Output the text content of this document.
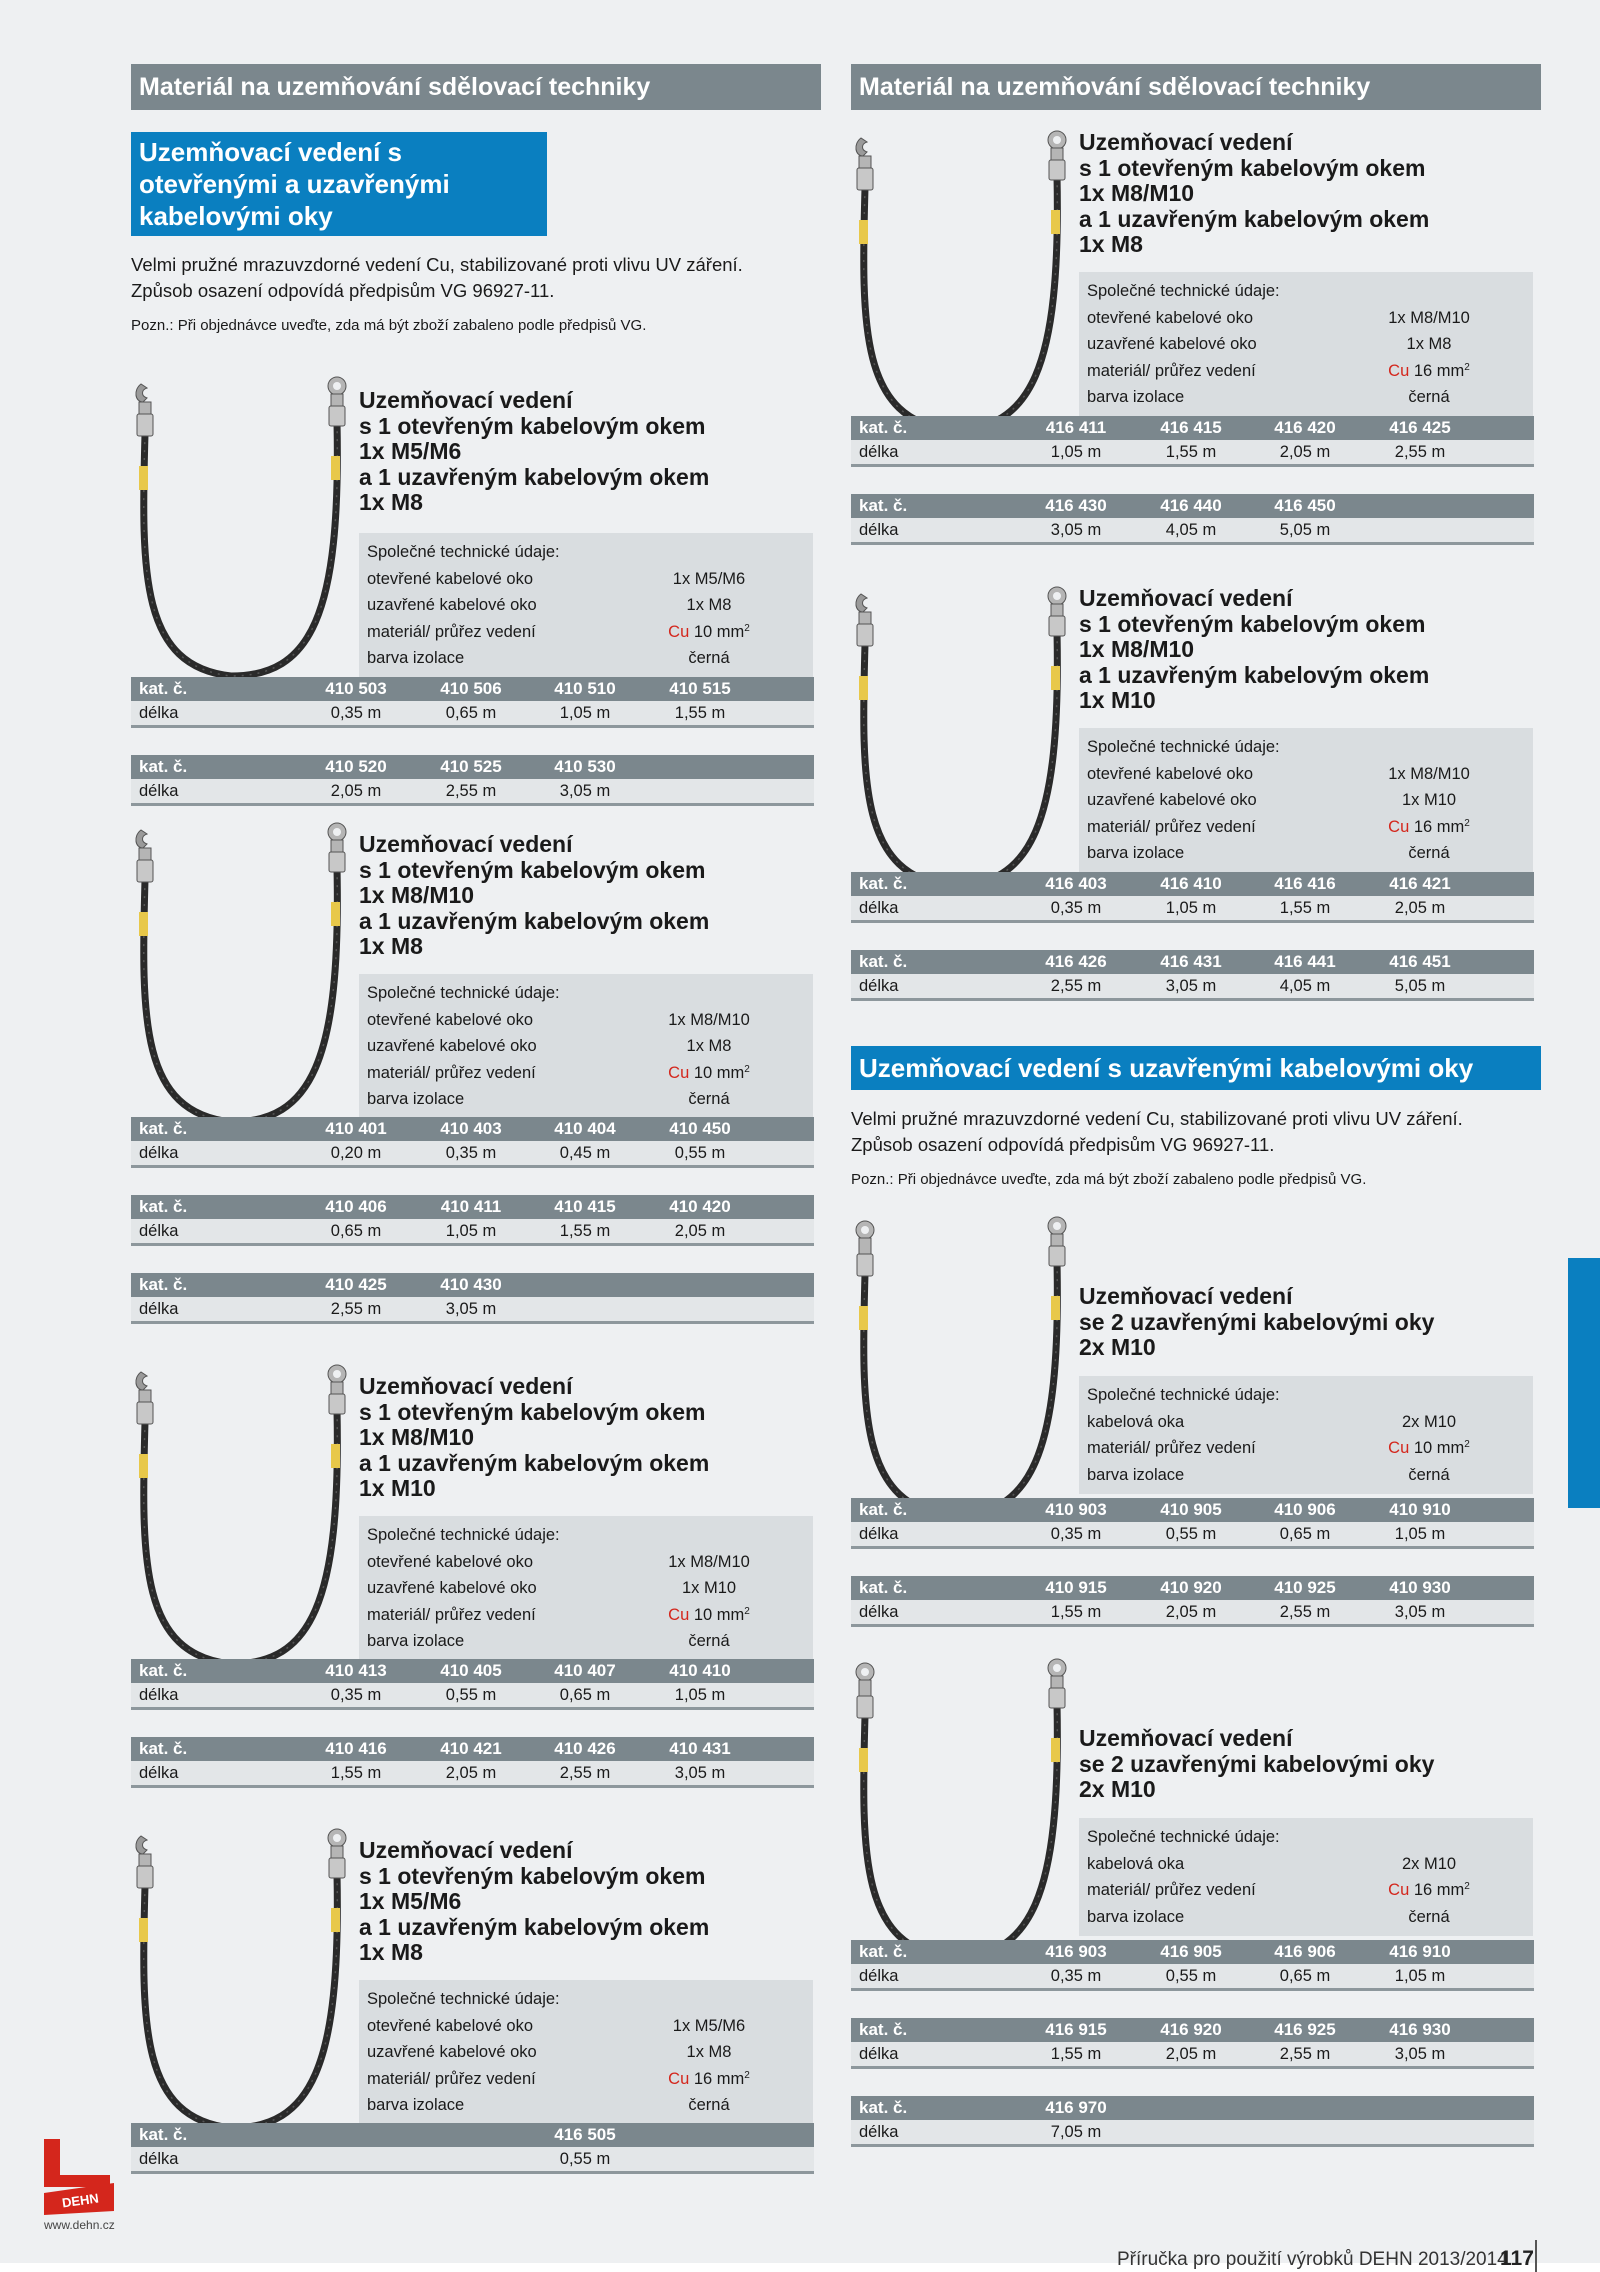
Materiál na uzemňování sdělovací techniky
Uzemňovací vedení s otevřenými a uzavřenými kabelovými oky
Velmi pružné mrazuvzdorné vedení Cu, stabilizované proti vlivu UV záření.
Způsob osazení odpovídá předpisům VG 96927-11.
Pozn.: Při objednávce uveďte, zda má být zboží zabaleno podle předpisů VG.
Uzemňovací vedení
s 1 otevřeným kabelovým okem
1x M5/M6
a 1 uzavřeným kabelovým okem
1x M8
Společné technické údaje:
otevřené kabelové oko	1x M5/M6
uzavřené kabelové oko	1x M8
materiál/ průřez vedení	Cu 10 $mm^2$
barva izolace	černá
kat. č.	410 503	410 506	410 510	410 515
délka	0,35 m	0,65 m	1,05 m	1,55 m
kat. č.	410 520	410 525	410 530
délka	2,05 m	2,55 m	3,05 m
Uzemňovací vedení
s 1 otevřeným kabelovým okem
1x M8/M10
a 1 uzavřeným kabelovým okem
1x M8
Společné technické údaje:
otevřené kabelové oko	1x M8/M10
uzavřené kabelové oko	1x M8
materiál/ průřez vedení	Cu 10 $mm^2$
barva izolace	černá
kat. č.	410 401	410 403	410 404	410 450
délka	0,20 m	0,35 m	0,45 m	0,55 m
kat. č.	410 406	410 411	410 415	410 420
délka	0,65 m	1,05 m	1,55 m	2,05 m
kat. č.	410 425	410 430
délka	2,55 m	3,05 m
Uzemňovací vedení
s 1 otevřeným kabelovým okem
1x M8/M10
a 1 uzavřeným kabelovým okem
1x M10
Společné technické údaje:
otevřené kabelové oko	1x M8/M10
uzavřené kabelové oko	1x M10
materiál/ průřez vedení	Cu 10 $mm^2$
barva izolace	černá
kat. č.	410 413	410 405	410 407	410 410
délka	0,35 m	0,55 m	0,65 m	1,05 m
kat. č.	410 416	410 421	410 426	410 431
délka	1,55 m	2,05 m	2,55 m	3,05 m
Uzemňovací vedení
s 1 otevřeným kabelovým okem
1x M5/M6
a 1 uzavřeným kabelovým okem
1x M8
Společné technické údaje:
otevřené kabelové oko	1x M5/M6
uzavřené kabelové oko	1x M8
materiál/ průřez vedení	Cu 16 $mm^2$
barva izolace	černá
kat. č.	416 505
délka	0,55 m
Materiál na uzemňování sdělovací techniky
Uzemňovací vedení
s 1 otevřeným kabelovým okem
1x M8/M10
a 1 uzavřeným kabelovým okem
1x M8
Společné technické údaje:
otevřené kabelové oko	1x M8/M10
uzavřené kabelové oko	1x M8
materiál/ průřez vedení	Cu 16 $mm^2$
barva izolace	černá
kat. č.	416 411	416 415	416 420	416 425
délka	1,05 m	1,55 m	2,05 m	2,55 m
kat. č.	416 430	416 440	416 450
délka	3,05 m	4,05 m	5,05 m
Uzemňovací vedení
s 1 otevřeným kabelovým okem
1x M8/M10
a 1 uzavřeným kabelovým okem
1x M10
Společné technické údaje:
otevřené kabelové oko	1x M8/M10
uzavřené kabelové oko	1x M10
materiál/ průřez vedení	Cu 16 $mm^2$
barva izolace	černá
kat. č.	416 403	416 410	416 416	416 421
délka	0,35 m	1,05 m	1,55 m	2,05 m
kat. č.	416 426	416 431	416 441	416 451
délka	2,55 m	3,05 m	4,05 m	5,05 m
Uzemňovací vedení s uzavřenými kabelovými oky
Velmi pružné mrazuvzdorné vedení Cu, stabilizované proti vlivu UV záření.
Způsob osazení odpovídá předpisům VG 96927-11.
Pozn.: Při objednávce uveďte, zda má být zboží zabaleno podle předpisů VG.
Uzemňovací vedení
se 2 uzavřenými kabelovými oky
2x M10
Společné technické údaje:
kabelová oka	2x M10
materiál/ průřez vedení	Cu 10 $mm^2$
barva izolace	černá
kat. č.	410 903	410 905	410 906	410 910
délka	0,35 m	0,55 m	0,65 m	1,05 m
kat. č.	410 915	410 920	410 925	410 930
délka	1,55 m	2,05 m	2,55 m	3,05 m
Uzemňovací vedení
se 2 uzavřenými kabelovými oky
2x M10
Společné technické údaje:
kabelová oka	2x M10
materiál/ průřez vedení	Cu 16 $mm^2$
barva izolace	černá
kat. č.	416 903	416 905	416 906	416 910
délka	0,35 m	0,55 m	0,65 m	1,05 m
kat. č.	416 915	416 920	416 925	416 930
délka	1,55 m	2,05 m	2,55 m	3,05 m
kat. č.	416 970
délka	7,05 m
DEHN
www.dehn.cz
Příručka pro použití výrobků DEHN 2013/2014
117
